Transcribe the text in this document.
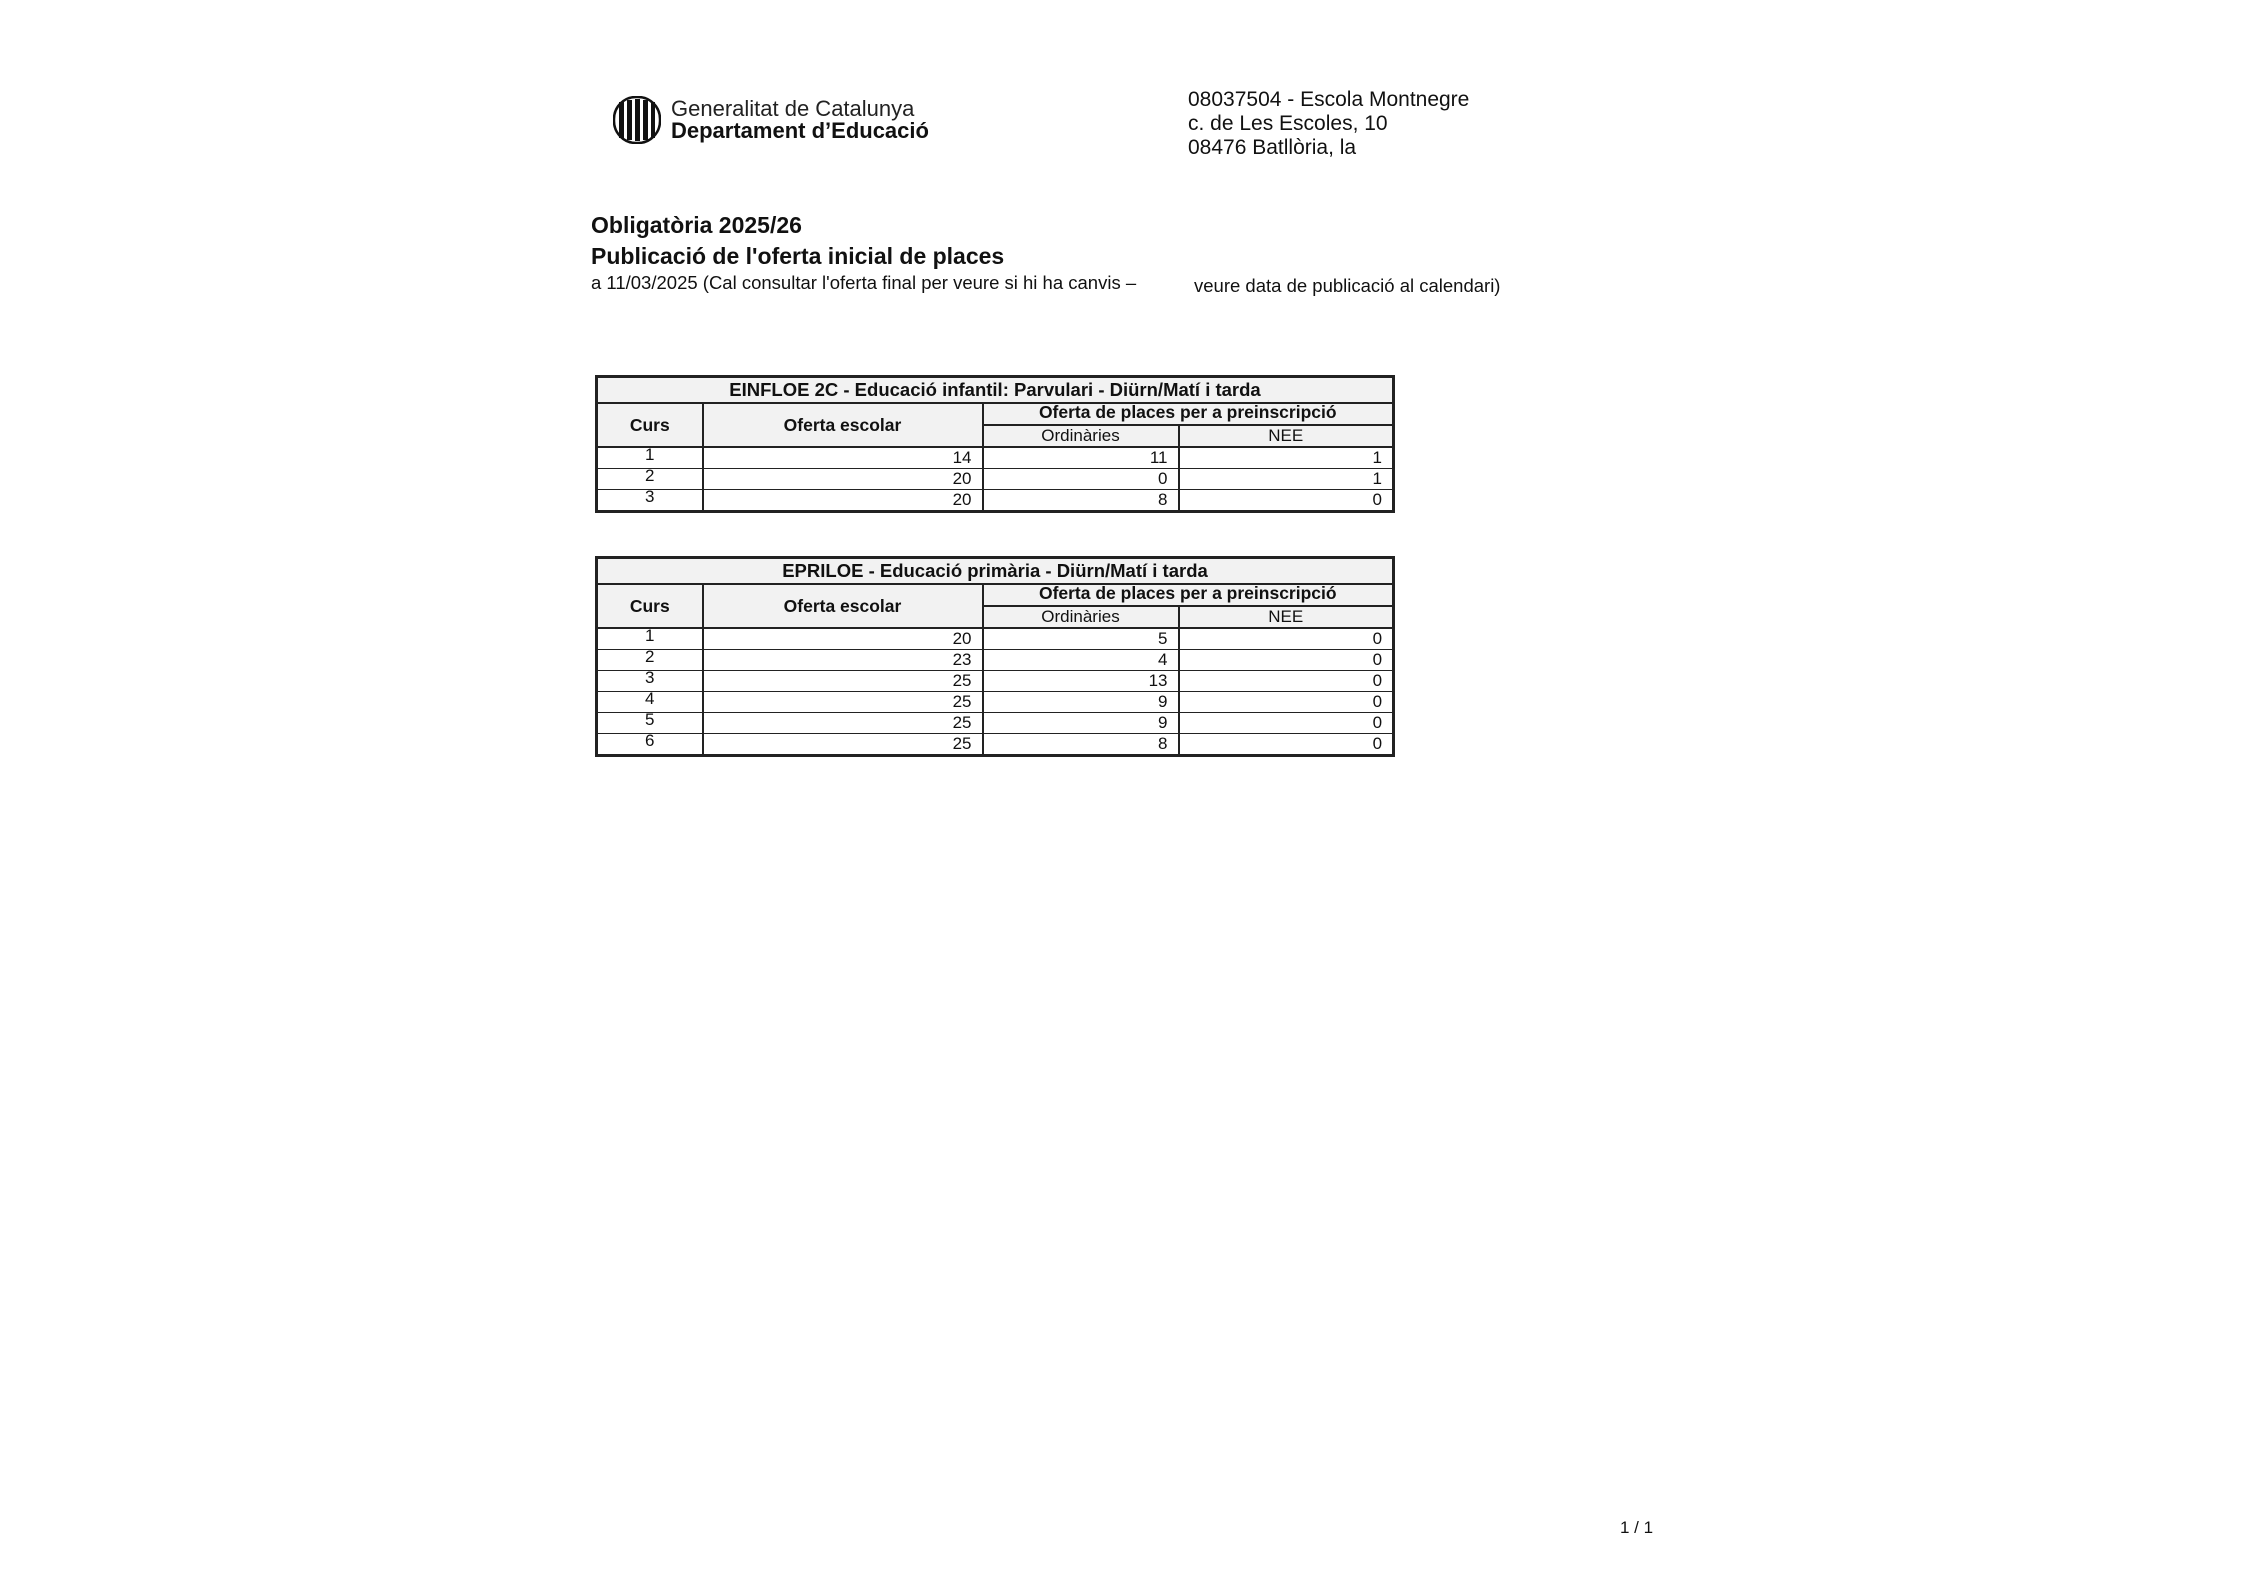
Generalitat de Catalunya
Departament d’Educació
08037504 - Escola Montnegre
c. de Les Escoles, 10
08476 Batllòria, la
Obligatòria 2025/26
Publicació de l'oferta inicial de places
a 11/03/2025 (Cal consultar l'oferta final per veure si hi ha canvis –	veure data de publicació al calendari)
EINFLOE 2C - Educació infantil: Parvulari - Diürn/Matí i tarda			
Curs	Oferta escolar	Oferta de places per a preinscripció	
		Ordinàries	NEE
1	14	11	1
2	20	0	1
3	20	8	0
EPRILOE - Educació primària - Diürn/Matí i tarda			
Curs	Oferta escolar	Oferta de places per a preinscripció	
		Ordinàries	NEE
1	20	5	0
2	23	4	0
3	25	13	0
4	25	9	0
5	25	9	0
6	25	8	0
1 / 1
